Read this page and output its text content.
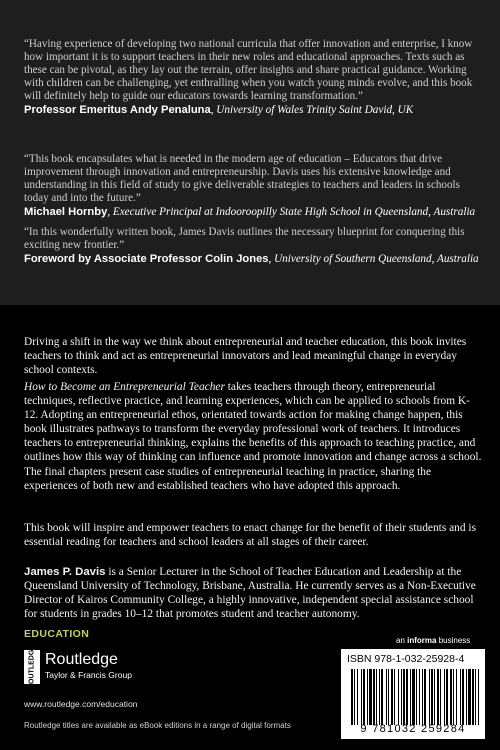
“Having experience of developing two national curricula that offer innovation and enterprise, I know how important it is to support teachers in their new roles and educational approaches. Texts such as these can be pivotal, as they lay out the terrain, offer insights and share practical guidance. Working with children can be challenging, yet enthralling when you watch young minds evolve, and this book will definitely help to guide our educators towards learning transformation.”
Professor Emeritus Andy Penaluna, University of Wales Trinity Saint David, UK
“This book encapsulates what is needed in the modern age of education – Educators that drive improvement through innovation and entrepreneurship. Davis uses his extensive knowledge and understanding in this field of study to give deliverable strategies to teachers and leaders in schools today and into the future.”
Michael Hornby, Executive Principal at Indooroopilly State High School in Queensland, Australia
“In this wonderfully written book, James Davis outlines the necessary blueprint for conquering this exciting new frontier.”
Foreword by Associate Professor Colin Jones, University of Southern Queensland, Australia

Driving a shift in the way we think about entrepreneurial and teacher education, this book invites teachers to think and act as entrepreneurial innovators and lead meaningful change in everyday school contexts.

How to Become an Entrepreneurial Teacher takes teachers through theory, entrepreneurial techniques, reflective practice, and learning experiences, which can be applied to schools from K-12. Adopting an entrepreneurial ethos, orientated towards action for making change happen, this book illustrates pathways to transform the everyday professional work of teachers. It introduces teachers to entrepreneurial thinking, explains the benefits of this approach to teaching practice, and outlines how this way of thinking can influence and promote innovation and change across a school. The final chapters present case studies of entrepreneurial teaching in practice, sharing the experiences of both new and established teachers who have adopted this approach.

This book will inspire and empower teachers to enact change for the benefit of their students and is essential reading for teachers and school leaders at all stages of their career.

James P. Davis is a Senior Lecturer in the School of Teacher Education and Leadership at the Queensland University of Technology, Brisbane, Australia. He currently serves as a Non-Executive Director of Kairos Community College, a highly innovative, independent special assistance school for students in grades 10–12 that promotes student and teacher autonomy.

EDUCATION
ROUTLEDGE Routledge
Taylor & Francis Group
www.routledge.com/education
Routledge titles are available as eBook editions in a range of digital formats
an informa business
ISBN 978-1-032-25928-4
9 781032 259284
